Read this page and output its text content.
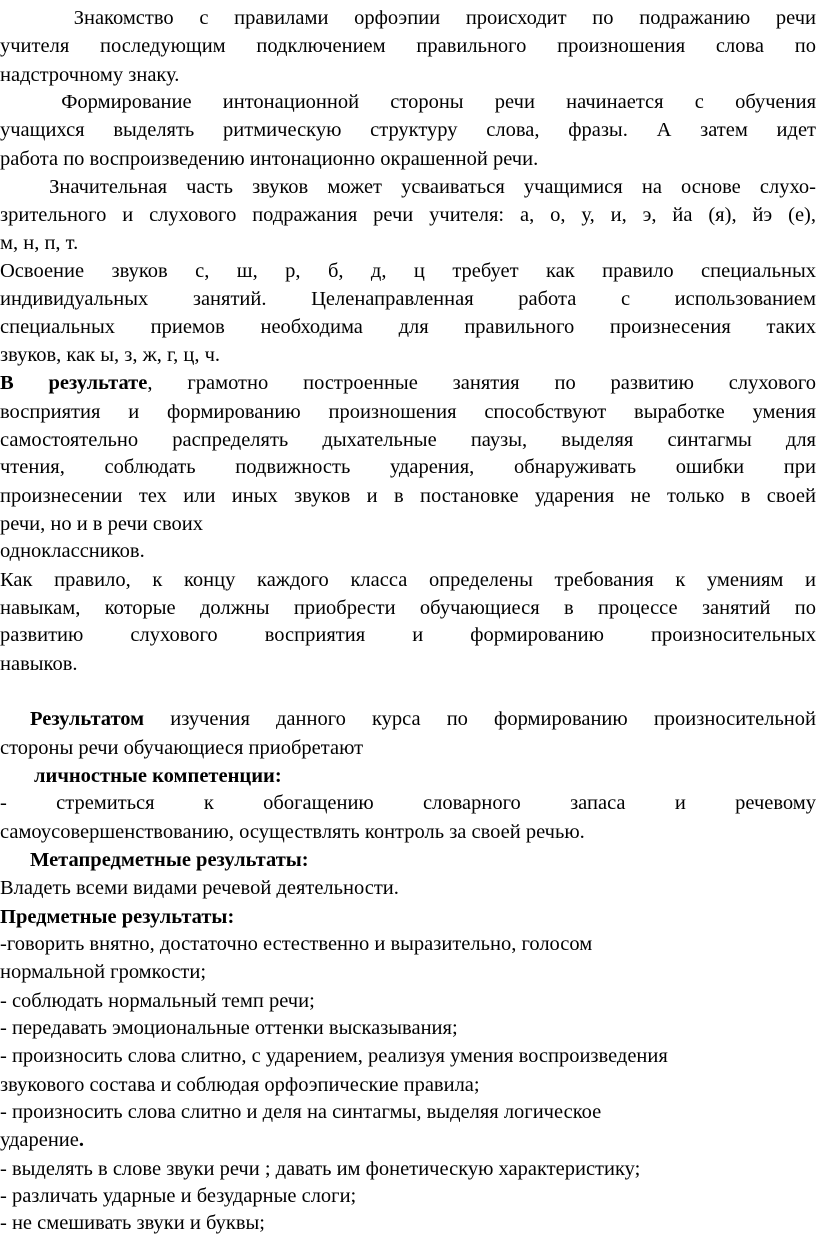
Знакомство с правилами орфоэпии происходит по подражанию речи
учителя последующим подключением правильного произношения слова по
надстрочному знаку.
Формирование интонационной стороны речи начинается с обучения
учащихся выделять ритмическую структуру слова, фразы. А затем идет
работа по воспроизведению интонационно окрашенной речи.
Значительная часть звуков может усваиваться учащимися на основе слухо-
зрительного и слухового подражания речи учителя: а, о, у, и, э, йа (я), йэ (е),
м, н, п, т.
Освоение звуков с, ш, р, б, д, ц требует как правило специальных
индивидуальных занятий. Целенаправленная работа с использованием
специальных приемов необходима для правильного произнесения таких
звуков, как ы, з, ж, г, ц, ч.
В результате, грамотно построенные занятия по развитию слухового
восприятия и формированию произношения способствуют выработке умения
самостоятельно распределять дыхательные паузы, выделяя синтагмы для
чтения, соблюдать подвижность ударения, обнаруживать ошибки при
произнесении тех или иных звуков и в постановке ударения не только в своей
речи, но и в речи своих
одноклассников.
Как правило, к концу каждого класса определены требования к умениям и
навыкам, которые должны приобрести обучающиеся в процессе занятий по
развитию слухового восприятия и формированию произносительных
навыков.
Результатом изучения данного курса по формированию произносительной
стороны речи обучающиеся приобретают
личностные компетенции:
- стремиться к обогащению словарного запаса и речевому
самоусовершенствованию, осуществлять контроль за своей речью.
Метапредметные результаты:
Владеть всеми видами речевой деятельности.
Предметные результаты:
-говорить внятно, достаточно естественно и выразительно, голосом
нормальной громкости;
- соблюдать нормальный темп речи;
- передавать эмоциональные оттенки высказывания;
- произносить слова слитно, с ударением, реализуя умения воспроизведения
звукового состава и соблюдая орфоэпические правила;
- произносить слова слитно и деля на синтагмы, выделяя логическое
ударение.
- выделять в слове звуки речи ; давать им фонетическую характеристику;
- различать ударные и безударные слоги;
- не смешивать звуки и буквы;
